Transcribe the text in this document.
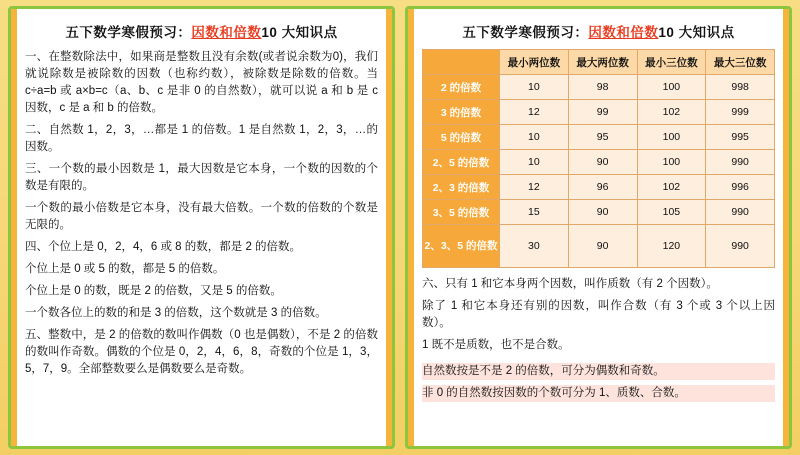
五下数学寒假预习：因数和倍数10 大知识点

一、在整数除法中，如果商是整数且没有余数(或者说余数为0)，我们就说除数是被除数的因数（也称约数），被除数是除数的倍数。当 c÷a=b 或 a×b=c（a、b、c 是非 0 的自然数），就可以说 a 和 b 是 c 因数，c 是 a 和 b 的倍数。

二、自然数 1，2，3，…都是 1 的倍数。1 是自然数 1，2，3，…的因数。

三、一个数的最小因数是 1，最大因数是它本身，一个数的因数的个数是有限的。

一个数的最小倍数是它本身，没有最大倍数。一个数的倍数的个数是无限的。

四、个位上是 0，2，4，6 或 8 的数，都是 2 的倍数。

个位上是 0 或 5 的数，都是 5 的倍数。

个位上是 0 的数，既是 2 的倍数，又是 5 的倍数。

一个数各位上的数的和是 3 的倍数，这个数就是 3 的倍数。

五、整数中，是 2 的倍数的数叫作偶数（0 也是偶数），不是 2 的倍数的数叫作奇数。偶数的个位是 0，2，4，6，8，奇数的个位是 1，3，5，7，9。全部整数要么是偶数要么是奇数。

五下数学寒假预习：因数和倍数10 大知识点
	最小两位数	最大两位数	最小三位数	最大三位数
2 的倍数	10	98	100	998
3 的倍数	12	99	102	999
5 的倍数	10	95	100	995
2、5 的倍数	10	90	100	990
2、3 的倍数	12	96	102	996
3、5 的倍数	15	90	105	990
2、3、5 的倍数	30	90	120	990

六、只有 1 和它本身两个因数，叫作质数（有 2 个因数）。

除了 1 和它本身还有别的因数，叫作合数（有 3 个或 3 个以上因数）。

1 既不是质数，也不是合数。

自然数按是不是 2 的倍数，可分为偶数和奇数。

非 0 的自然数按因数的个数可分为 1、质数、合数。
